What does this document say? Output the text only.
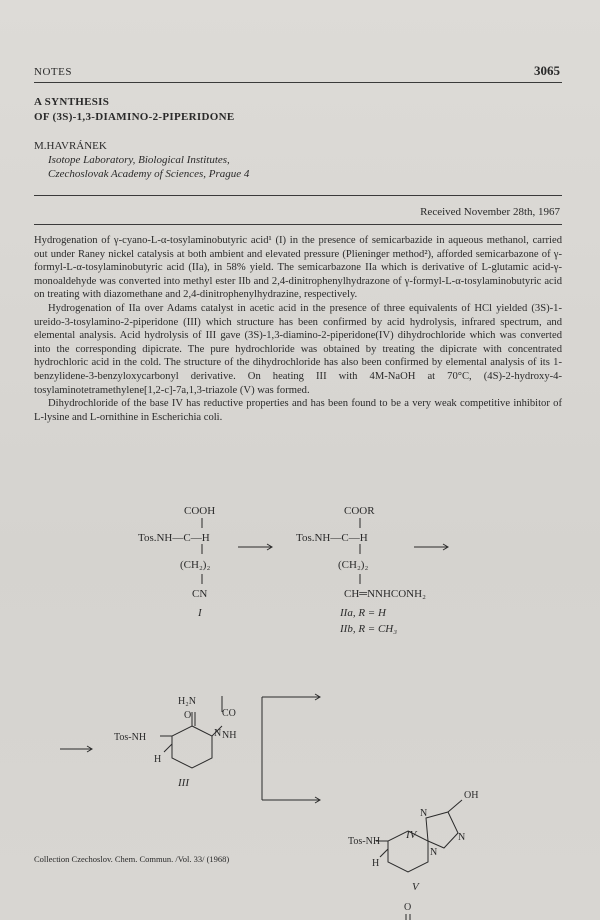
NOTES	3065
A SYNTHESIS
OF (3S)-1,3-DIAMINO-2-PIPERIDONE
M.HAVRÁNEK
Isotope Laboratory, Biological Institutes,
Czechoslovak Academy of Sciences, Prague 4
Received November 28th, 1967

Hydrogenation of γ-cyano-L-α-tosylaminobutyric acid¹ (I) in the presence of semicarbazide in aqueous methanol, carried out under Raney nickel catalysis at both ambient and elevated pressure (Plieninger method²), afforded semicarbazone of γ-formyl-L-α-tosylaminobutyric acid (IIa), in 58% yield. The semicarbazone IIa which is derivative of L-glutamic acid-γ-monoaldehyde was converted into methyl ester IIb and 2,4-dinitrophenylhydrazone of γ-formyl-L-α-tosylaminobutyric acid on treating with diazomethane and 2,4-dinitrophenylhydrazine, respectively.

Hydrogenation of IIa over Adams catalyst in acetic acid in the presence of three equivalents of HCl yielded (3S)-1-ureido-3-tosylamino-2-piperidone (III) which structure has been confirmed by acid hydrolysis, infrared spectrum, and elemental analysis. Acid hydrolysis of III gave (3S)-1,3-diamino-2-piperidone(IV) dihydrochloride which was converted into the corresponding dipicrate. The pure hydrochloride was obtained by treating the dipicrate with concentrated hydrochloric acid in the cold. The structure of the dihydrochloride has also been confirmed by elemental analysis of its 1-benzylidene-3-benzyloxycarbonyl derivative. On heating III with 4M-NaOH at 70°C, (4S)-2-hydroxy-4-tosylaminotetramethylene[1,2-c]-7a,1,3-triazole (V) was formed.

Dihydrochloride of the base IV has reductive properties and has been found to be a very weak competitive inhibitor of L-lysine and L-ornithine in Escherichia coli.

COOH
Tos.NH—C—H
(CH₂)₂
CN
I
COOR
Tos.NH—C—H
(CH₂)₂
CH═NNHCONH₂
IIa, R = H
IIb, R = CH₃
H₂N
O	CO
N NH
Tos-NH
H
III
OH
N
N
N
Tos-NH
H
V
O
IV
Collection Czechoslov. Chem. Commun. /Vol. 33/ (1968)
